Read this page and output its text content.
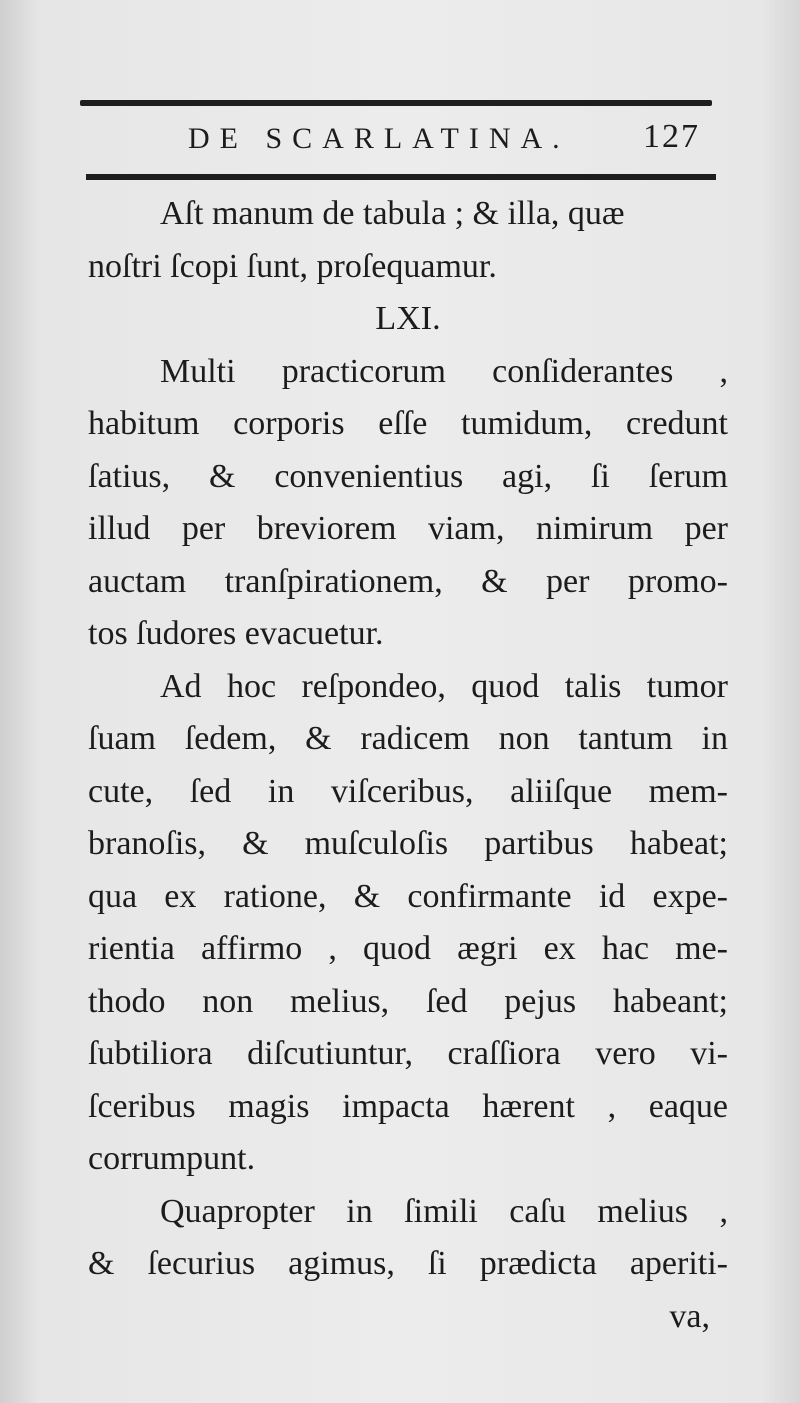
DE SCARLATINA. 127
Aſt manum de tabula ; & illa, quæ
noſtri ſcopi ſunt, proſequamur.
LXI.
Multi practicorum conſiderantes ,
habitum corporis eſſe tumidum, credunt
ſatius, & convenientius agi, ſi ſerum
illud per breviorem viam, nimirum per
auctam tranſpirationem, & per promo-
tos ſudores evacuetur.
Ad hoc reſpondeo, quod talis tumor
ſuam ſedem, & radicem non tantum in
cute, ſed in viſceribus, aliiſque mem-
branoſis, & muſculoſis partibus habeat;
qua ex ratione, & confirmante id expe-
rientia affirmo , quod ægri ex hac me-
thodo non melius, ſed pejus habeant;
ſubtiliora diſcutiuntur, craſſiora vero vi-
ſceribus magis impacta hærent , eaque
corrumpunt.
Quapropter in ſimili caſu melius ,
& ſecurius agimus, ſi prædicta aperiti-
va,
